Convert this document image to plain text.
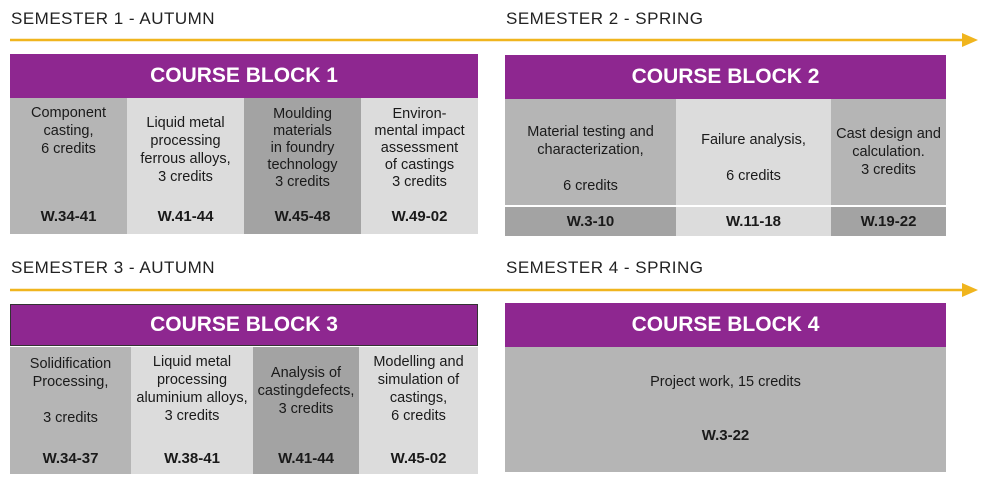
SEMESTER 1 - AUTUMN	SEMESTER 2 - SPRING
SEMESTER 3 - AUTUMN	SEMESTER 4 - SPRING
COURSE BLOCK 1
Component
casting,
6 credits
W.34-41
Liquid metal
processing
ferrous alloys,
3 credits
W.41-44
Moulding
materials
in foundry
technology
3 credits
W.45-48
Environ-
mental impact
assessment
of castings
3 credits
W.49-02
COURSE BLOCK 2
Material testing and
characterization,

6 credits
Failure analysis,

6 credits
Cast design and
calculation.
3 credits
W.3-10	W.11-18	W.19-22
COURSE BLOCK 3
Solidification
Processing,

3 credits
W.34-37
Liquid metal
processing
aluminium alloys,
3 credits
W.38-41
Analysis of
castingdefects,
3 credits
W.41-44
Modelling and
simulation of
castings,
6 credits
W.45-02
COURSE BLOCK 4
Project work, 15 credits
W.3-22
